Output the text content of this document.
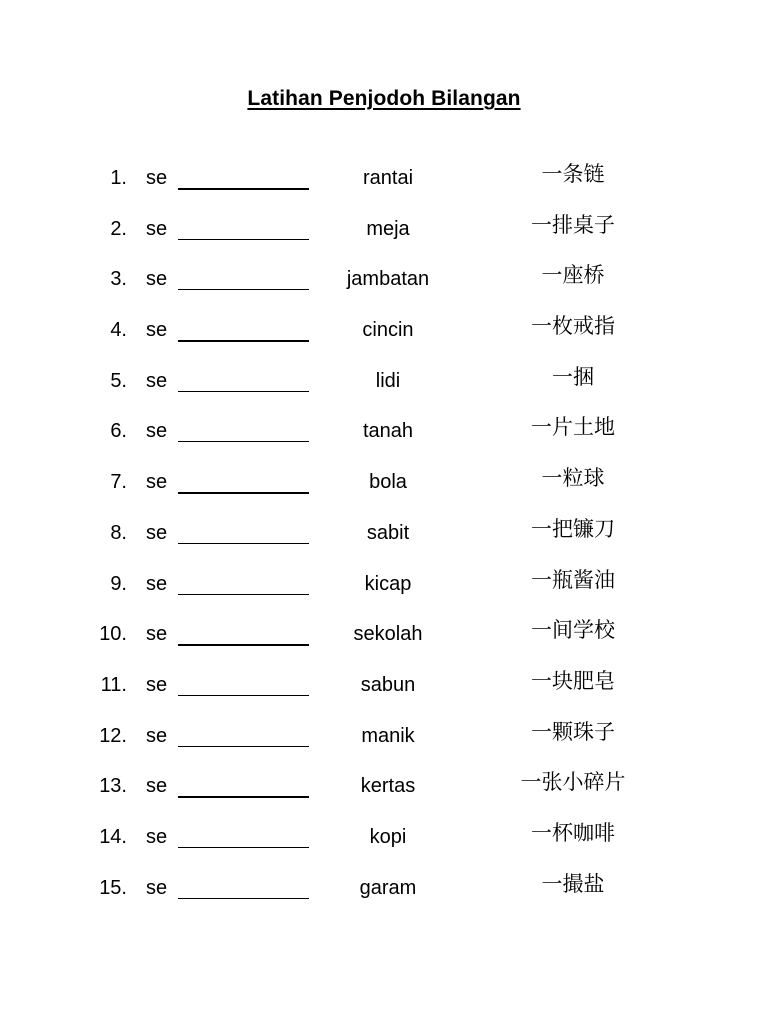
Latihan Penjodoh Bilangan
1. se	rantai	一条链
2. se	meja	一排桌子
3. se	jambatan	一座桥
4. se	cincin	一枚戒指
5. se	lidi	一捆
6. se	tanah	一片土地
7. se	bola	一粒球
8. se	sabit	一把镰刀
9. se	kicap	一瓶酱油
10. se	sekolah	一间学校
11. se	sabun	一块肥皂
12. se	manik	一颗珠子
13. se	kertas	一张小碎片
14. se	kopi	一杯咖啡
15. se	garam	一撮盐
